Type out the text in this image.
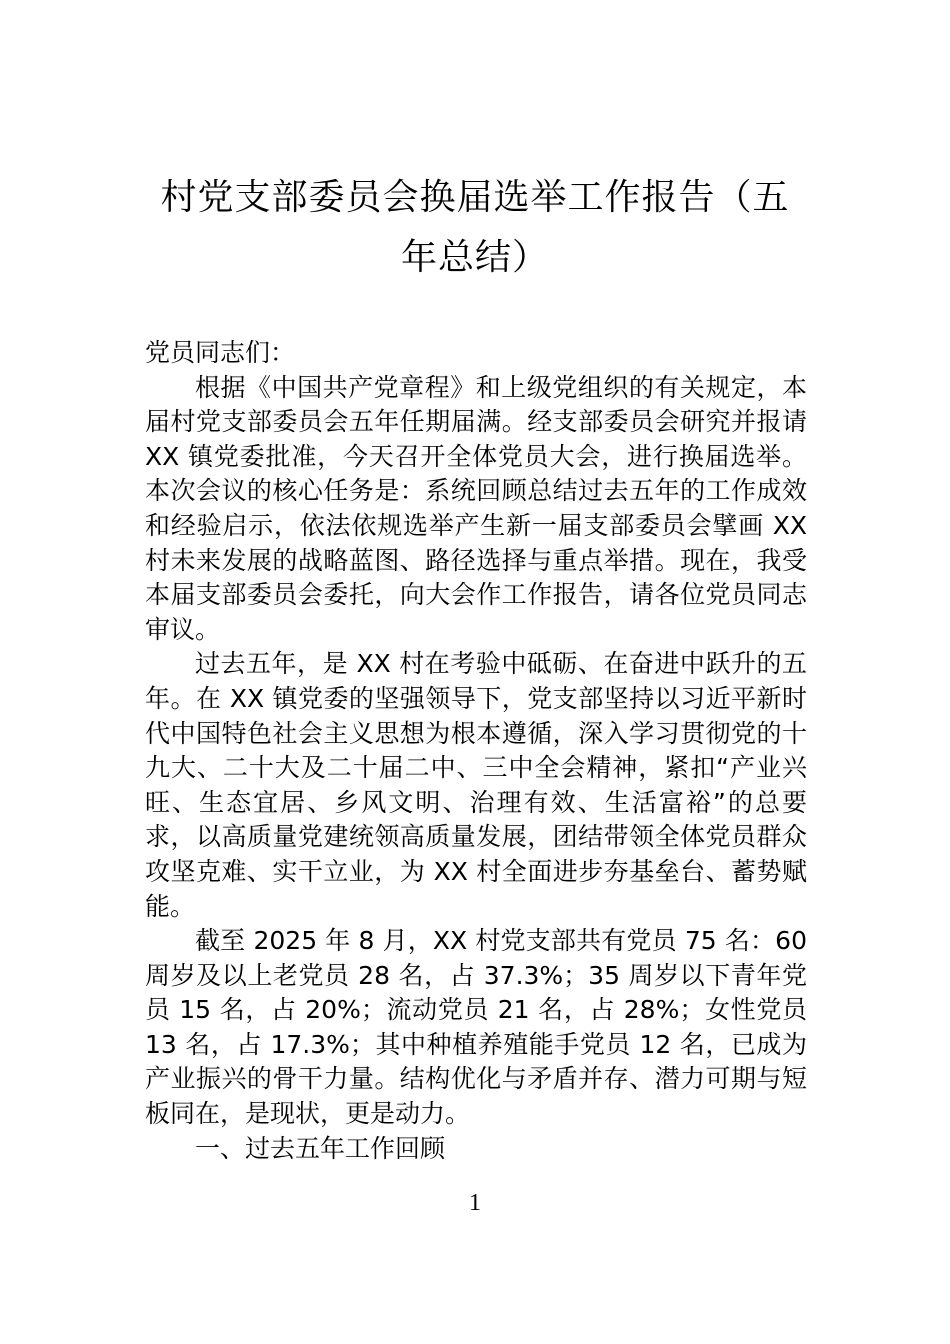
村党支部委员会换届选举工作报告（五年总结）

党员同志们：

根据《中国共产党章程》和上级党组织的有关规定，本届村党支部委员会五年任期届满。经支部委员会研究并报请 XX 镇党委批准，今天召开全体党员大会，进行换届选举。本次会议的核心任务是：系统回顾总结过去五年的工作成效和经验启示，依法依规选举产生新一届支部委员会擘画 XX 村未来发展的战略蓝图、路径选择与重点举措。现在，我受本届支部委员会委托，向大会作工作报告，请各位党员同志审议。

过去五年，是 XX 村在考验中砥砺、在奋进中跃升的五年。在 XX 镇党委的坚强领导下，党支部坚持以习近平新时代中国特色社会主义思想为根本遵循，深入学习贯彻党的十九大、二十大及二十届二中、三中全会精神，紧扣“产业兴旺、生态宜居、乡风文明、治理有效、生活富裕”的总要求，以高质量党建统领高质量发展，团结带领全体党员群众攻坚克难、实干立业，为 XX 村全面进步夯基垒台、蓄势赋能。

截至 2025 年 8 月，XX 村党支部共有党员 75 名：60 周岁及以上老党员 28 名，占 37.3%；35 周岁以下青年党员 15 名，占 20%；流动党员 21 名，占 28%；女性党员 13 名，占 17.3%；其中种植养殖能手党员 12 名，已成为产业振兴的骨干力量。结构优化与矛盾并存、潜力可期与短板同在，是现状，更是动力。

一、过去五年工作回顾

1
